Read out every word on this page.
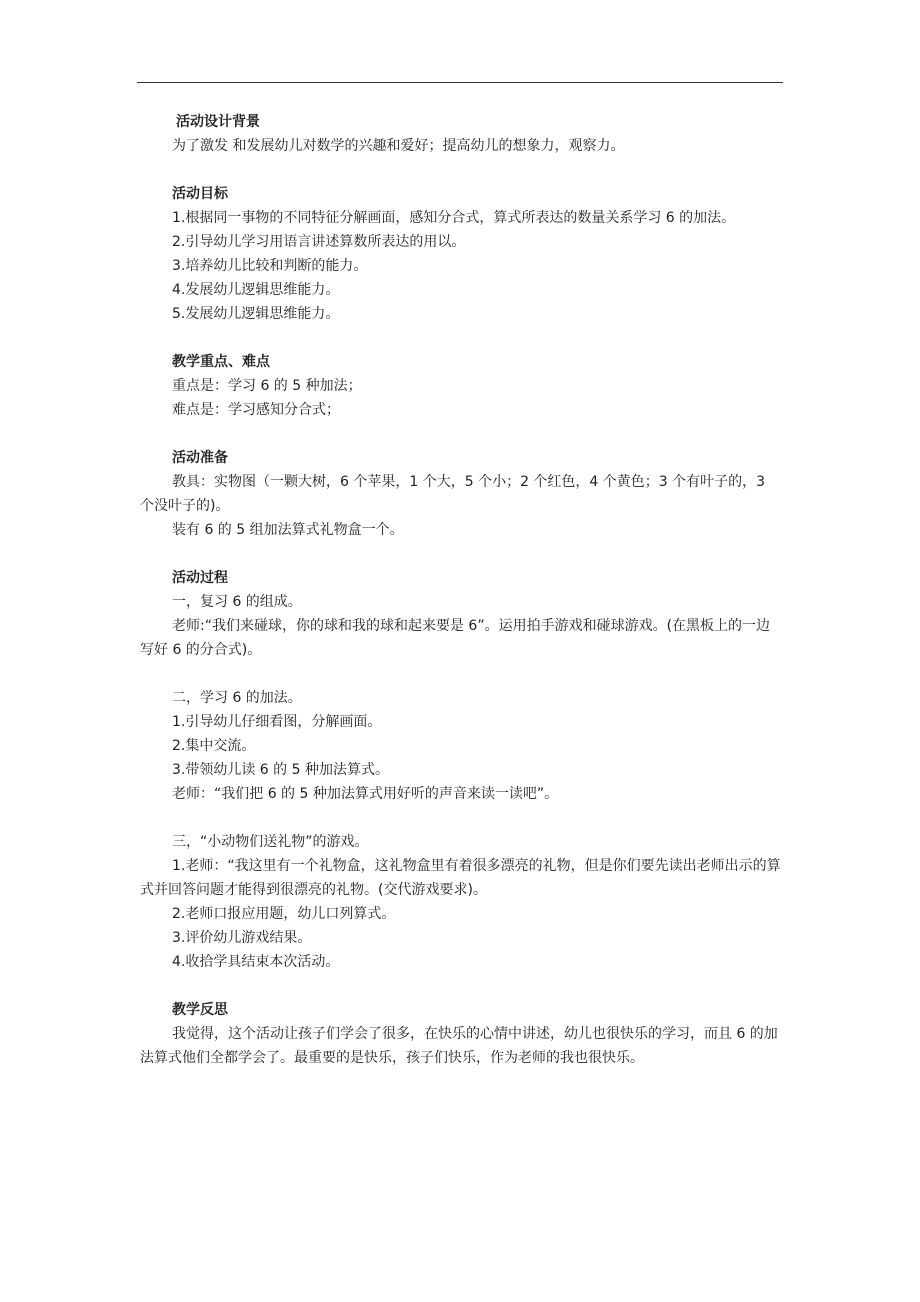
活动设计背景

为了激发 和发展幼儿对数学的兴趣和爱好；提高幼儿的想象力，观察力。

活动目标

1.根据同一事物的不同特征分解画面，感知分合式，算式所表达的数量关系学习 6 的加法。

2.引导幼儿学习用语言讲述算数所表达的用以。

3.培养幼儿比较和判断的能力。

4.发展幼儿逻辑思维能力。

5.发展幼儿逻辑思维能力。

教学重点、难点

重点是：学习 6 的 5 种加法；

难点是：学习感知分合式；

活动准备

教具：实物图（一颗大树，6 个苹果，1 个大，5 个小；2 个红色，4 个黄色；3 个有叶子的，3 个没叶子的)。

装有 6 的 5 组加法算式礼物盒一个。

活动过程

一，复习 6 的组成。

老师:“我们来碰球，你的球和我的球和起来要是 6”。运用拍手游戏和碰球游戏。(在黑板上的一边写好 6 的分合式)。

二，学习 6 的加法。

1.引导幼儿仔细看图，分解画面。

2.集中交流。

3.带领幼儿读 6 的 5 种加法算式。

老师：“我们把 6 的 5 种加法算式用好听的声音来读一读吧”。

三，“小动物们送礼物”的游戏。

1.老师：“我这里有一个礼物盒，这礼物盒里有着很多漂亮的礼物，但是你们要先读出老师出示的算式并回答问题才能得到很漂亮的礼物。(交代游戏要求)。

2.老师口报应用题，幼儿口列算式。

3.评价幼儿游戏结果。

4.收拾学具结束本次活动。

教学反思

我觉得，这个活动让孩子们学会了很多，在快乐的心情中讲述，幼儿也很快乐的学习，而且 6 的加法算式他们全都学会了。最重要的是快乐，孩子们快乐，作为老师的我也很快乐。
